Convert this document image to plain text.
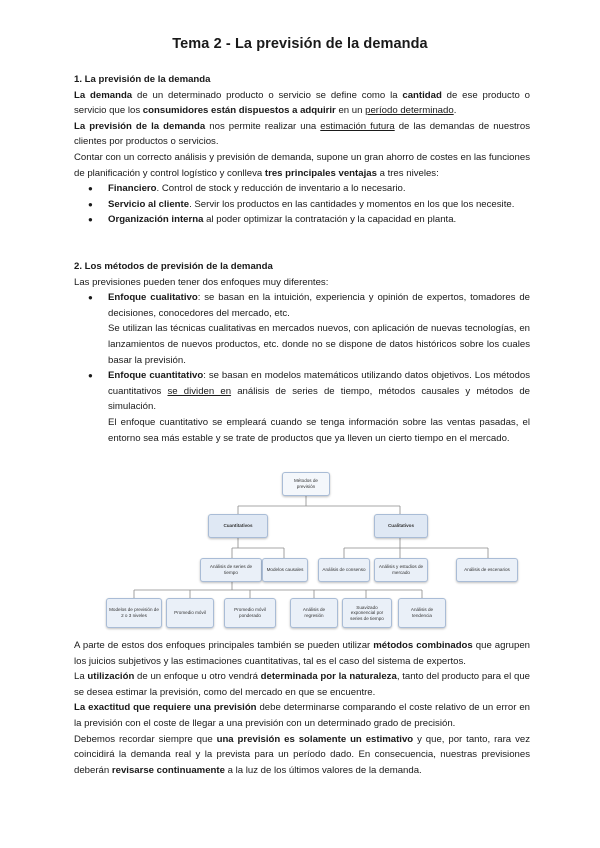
Tema 2 - La previsión de la demanda

1. La previsión de la demanda

La demanda de un determinado producto o servicio se define como la cantidad de ese producto o servicio que los consumidores están dispuestos a adquirir en un período determinado.

La previsión de la demanda nos permite realizar una estimación futura de las demandas de nuestros clientes por productos o servicios.

Contar con un correcto análisis y previsión de demanda, supone un gran ahorro de costes en las funciones de planificación y control logístico y conlleva tres principales ventajas a tres niveles:

● Financiero. Control de stock y reducción de inventario a lo necesario.
● Servicio al cliente. Servir los productos en las cantidades y momentos en los que los necesite.
● Organización interna al poder optimizar la contratación y la capacidad en planta.

2. Los métodos de previsión de la demanda

Las previsiones pueden tener dos enfoques muy diferentes:

● Enfoque cualitativo: se basan en la intuición, experiencia y opinión de expertos, tomadores de decisiones, conocedores del mercado, etc.

Se utilizan las técnicas cualitativas en mercados nuevos, con aplicación de nuevas tecnologías, en lanzamientos de nuevos productos, etc. donde no se dispone de datos históricos sobre los cuales basar la previsión.

● Enfoque cuantitativo: se basan en modelos matemáticos utilizando datos objetivos. Los métodos cuantitativos se dividen en análisis de series de tiempo, métodos causales y métodos de simulación.

El enfoque cuantitativo se empleará cuando se tenga información sobre las ventas pasadas, el entorno sea más estable y se trate de productos que ya lleven un cierto tiempo en el mercado.

Métodos de previsión
Cuantitativos	Cualitativos
Análisis de series de tiempo
Modelos causales	Análisis de consenso
Análisis y estudios de mercado
Análisis de escenarios
Modelos de previsión de 2 o 3 niveles
Promedio móvil
Promedio móvil ponderado
Análisis de regresión
Suavizado exponencial por series de tiempo
Análisis de tendencia

A parte de estos dos enfoques principales también se pueden utilizar métodos combinados que agrupen los juicios subjetivos y las estimaciones cuantitativas, tal es el caso del sistema de expertos.

La utilización de un enfoque u otro vendrá determinada por la naturaleza, tanto del producto para el que se desea estimar la previsión, como del mercado en que se encuentre.

La exactitud que requiere una previsión debe determinarse comparando el coste relativo de un error en la previsión con el coste de llegar a una previsión con un determinado grado de precisión.

Debemos recordar siempre que una previsión es solamente un estimativo y que, por tanto, rara vez coincidirá la demanda real y la prevista para un período dado. En consecuencia, nuestras previsiones deberán revisarse continuamente a la luz de los últimos valores de la demanda.
